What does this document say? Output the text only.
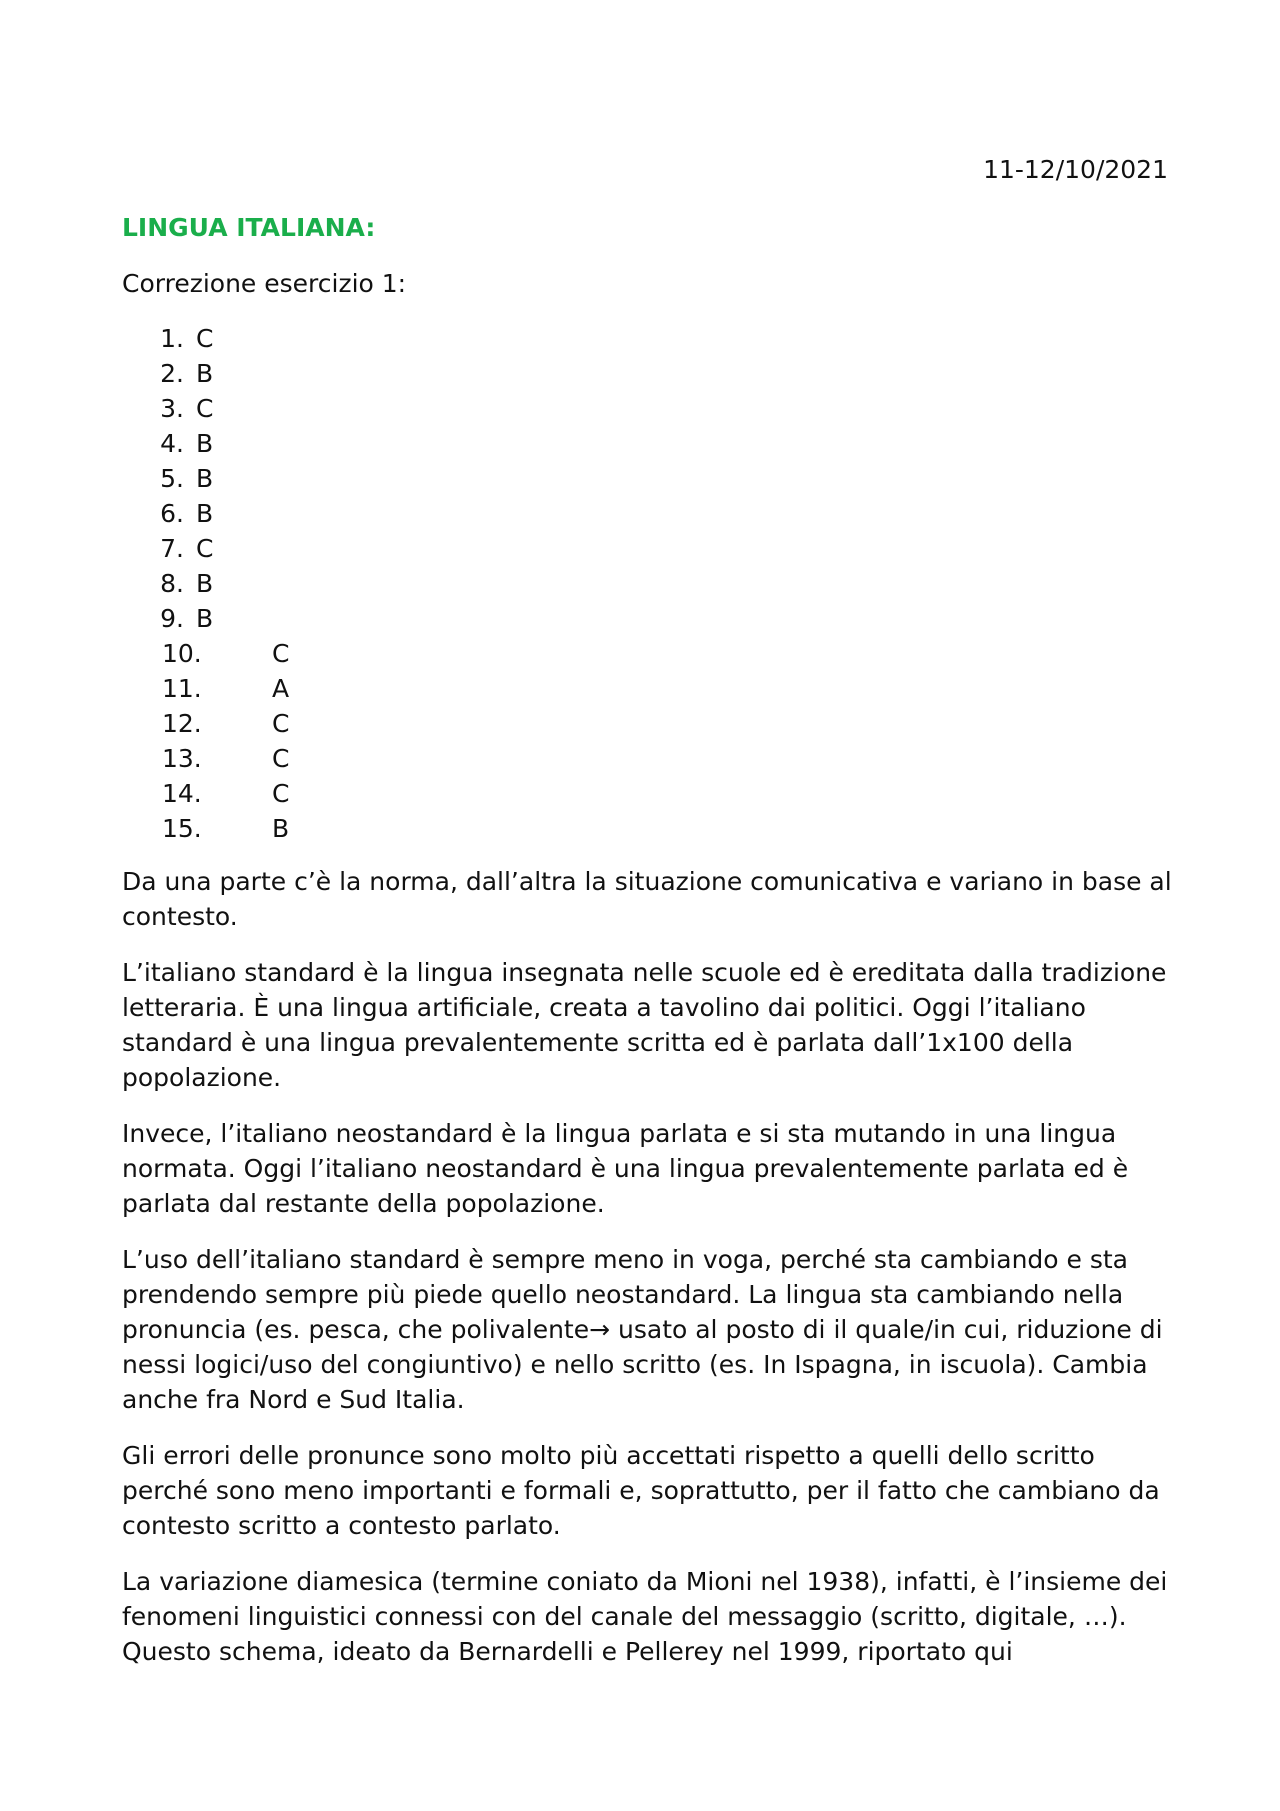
11-12/10/2021

LINGUA ITALIANA:

Correzione esercizio 1:

1. C
2. B
3. C
4. B
5. B
6. B
7. C
8. B
9. B
10.	C
11.	A
12.	C
13.	C
14.	C
15.	B

Da una parte c’è la norma, dall’altra la situazione comunicativa e variano in base al contesto.

L’italiano standard è la lingua insegnata nelle scuole ed è ereditata dalla tradizione letteraria. È una lingua artificiale, creata a tavolino dai politici. Oggi l’italiano standard è una lingua prevalentemente scritta ed è parlata dall’1x100 della popolazione.

Invece, l’italiano neostandard è la lingua parlata e si sta mutando in una lingua normata. Oggi l’italiano neostandard è una lingua prevalentemente parlata ed è parlata dal restante della popolazione.

L’uso dell’italiano standard è sempre meno in voga, perché sta cambiando e sta prendendo sempre più piede quello neostandard. La lingua sta cambiando nella pronuncia (es. pesca, che polivalente→ usato al posto di il quale/in cui, riduzione di nessi logici/uso del congiuntivo) e nello scritto (es. In Ispagna, in iscuola). Cambia anche fra Nord e Sud Italia.

Gli errori delle pronunce sono molto più accettati rispetto a quelli dello scritto perché sono meno importanti e formali e, soprattutto, per il fatto che cambiano da contesto scritto a contesto parlato.

La variazione diamesica (termine coniato da Mioni nel 1938), infatti, è l’insieme dei fenomeni linguistici connessi con del canale del messaggio (scritto, digitale, …). Questo schema, ideato da Bernardelli e Pellerey nel 1999, riportato qui
